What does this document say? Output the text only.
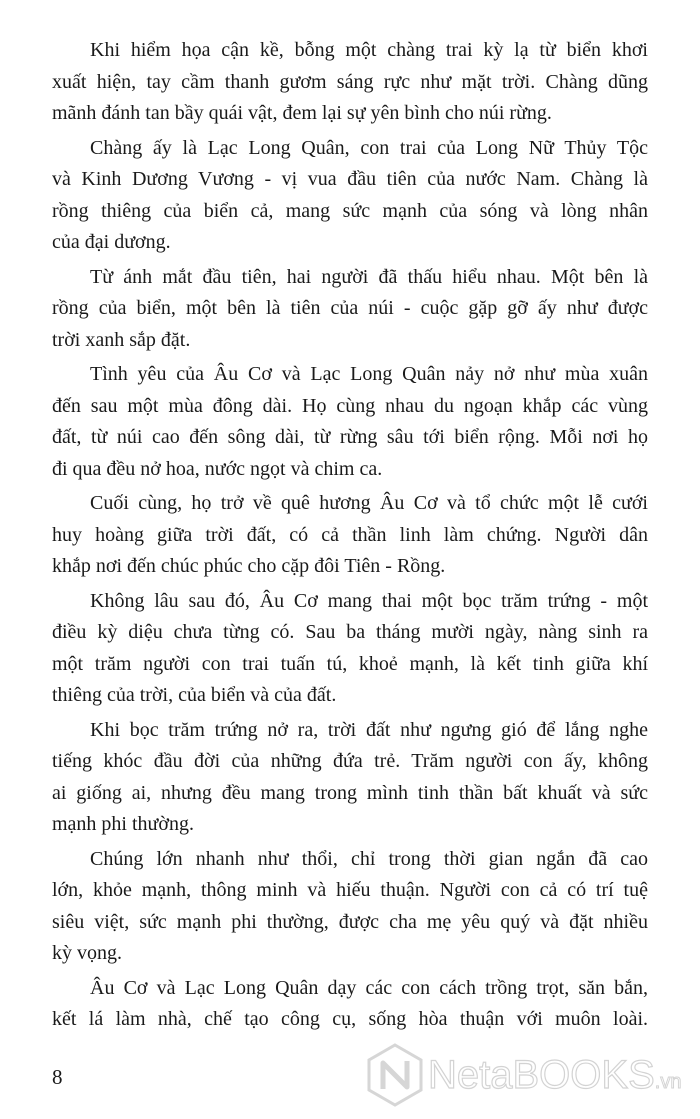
Khi hiểm họa cận kề, bỗng một chàng trai kỳ lạ từ biển khơi
xuất hiện, tay cầm thanh gươm sáng rực như mặt trời. Chàng dũng
mãnh đánh tan bầy quái vật, đem lại sự yên bình cho núi rừng.
Chàng ấy là Lạc Long Quân, con trai của Long Nữ Thủy Tộc
và Kinh Dương Vương - vị vua đầu tiên của nước Nam. Chàng là
rồng thiêng của biển cả, mang sức mạnh của sóng và lòng nhân
của đại dương.
Từ ánh mắt đầu tiên, hai người đã thấu hiểu nhau. Một bên là
rồng của biển, một bên là tiên của núi - cuộc gặp gỡ ấy như được
trời xanh sắp đặt.
Tình yêu của Âu Cơ và Lạc Long Quân nảy nở như mùa xuân
đến sau một mùa đông dài. Họ cùng nhau du ngoạn khắp các vùng
đất, từ núi cao đến sông dài, từ rừng sâu tới biển rộng. Mỗi nơi họ
đi qua đều nở hoa, nước ngọt và chim ca.
Cuối cùng, họ trở về quê hương Âu Cơ và tổ chức một lễ cưới
huy hoàng giữa trời đất, có cả thần linh làm chứng. Người dân
khắp nơi đến chúc phúc cho cặp đôi Tiên - Rồng.
Không lâu sau đó, Âu Cơ mang thai một bọc trăm trứng - một
điều kỳ diệu chưa từng có. Sau ba tháng mười ngày, nàng sinh ra
một trăm người con trai tuấn tú, khoẻ mạnh, là kết tinh giữa khí
thiêng của trời, của biển và của đất.
Khi bọc trăm trứng nở ra, trời đất như ngưng gió để lắng nghe
tiếng khóc đầu đời của những đứa trẻ. Trăm người con ấy, không
ai giống ai, nhưng đều mang trong mình tinh thần bất khuất và sức
mạnh phi thường.
Chúng lớn nhanh như thổi, chỉ trong thời gian ngắn đã cao
lớn, khỏe mạnh, thông minh và hiếu thuận. Người con cả có trí tuệ
siêu việt, sức mạnh phi thường, được cha mẹ yêu quý và đặt nhiều
kỳ vọng.
Âu Cơ và Lạc Long Quân dạy các con cách trồng trọt, săn bắn,
kết lá làm nhà, chế tạo công cụ, sống hòa thuận với muôn loài.
8	NetaBOOKS.vn
